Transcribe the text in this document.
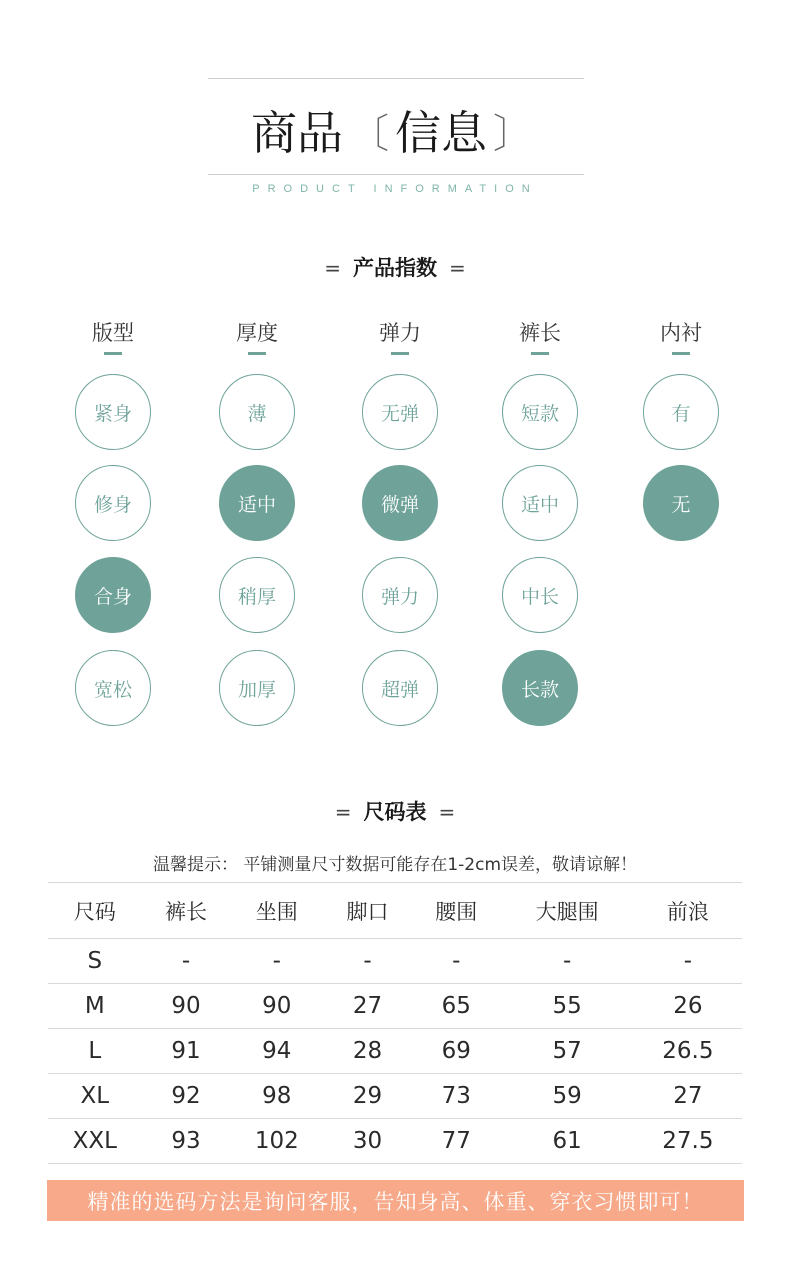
商品 〔 信息 〕
PRODUCT INFORMATION
= 产品指数 =
版型
紧身
修身
合身
宽松
厚度
薄
适中
稍厚
加厚
弹力
无弹
微弹
弹力
超弹
裤长
短款
适中
中长
长款
内衬
有
无
= 尺码表 =
温馨提示： 平铺测量尺寸数据可能存在1-2cm误差，敬请谅解！
尺码	裤长	坐围	脚口	腰围	大腿围	前浪
S	-	-	-	-	-	-
M	90	90	27	65	55	26
L	91	94	28	69	57	26.5
XL	92	98	29	73	59	27
XXL	93	102	30	77	61	27.5
精准的选码方法是询问客服，告知身高、体重、穿衣习惯即可！
